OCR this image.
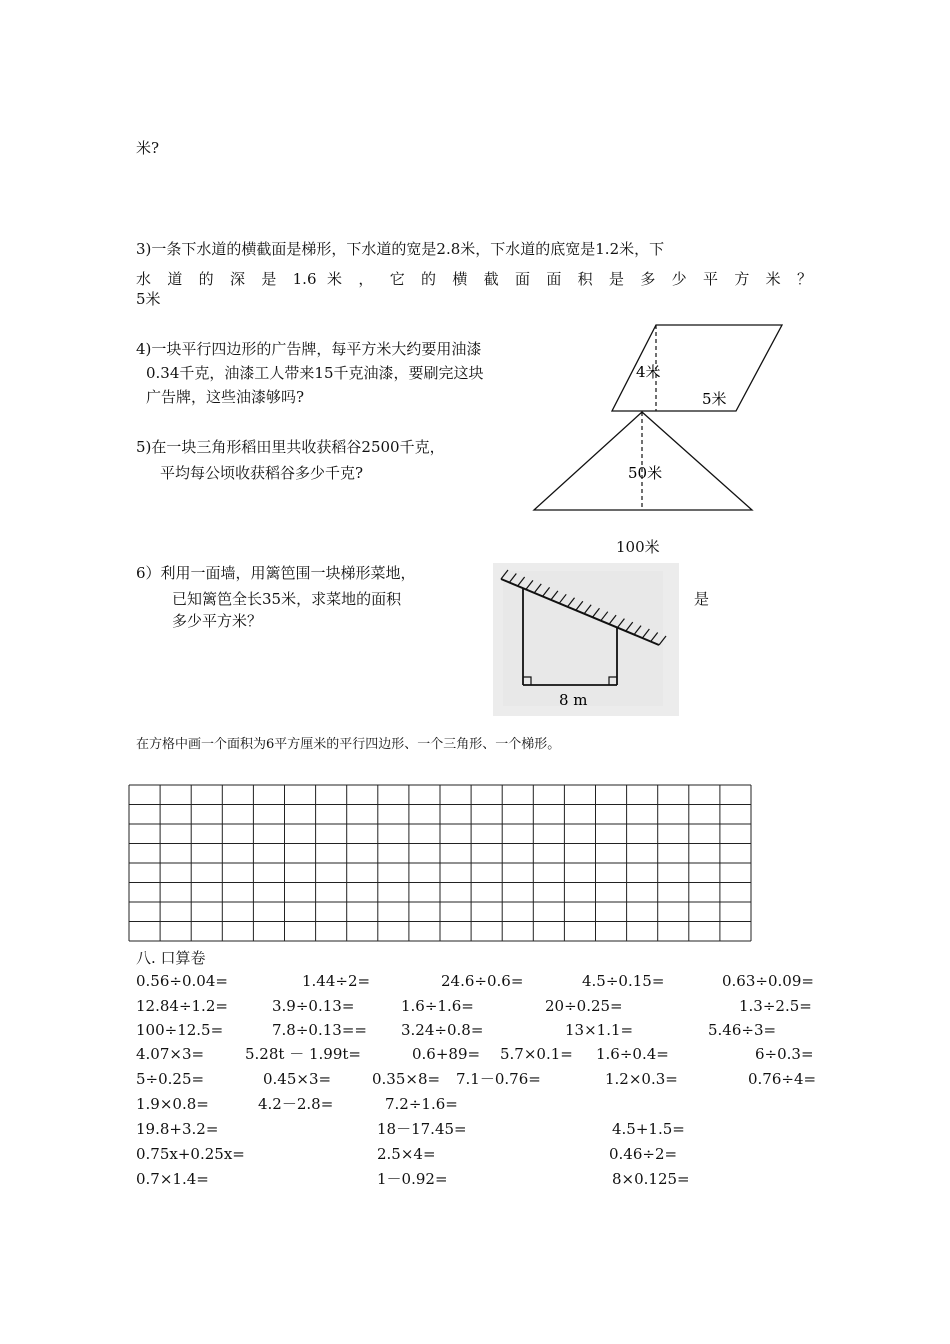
米?
3)一条下水道的横截面是梯形，下水道的宽是2.8米，下水道的底宽是1.2米，下
水 道 的 深 是 1.6 米 ， 它 的 横 截 面 面 积 是 多 少 平 方 米 ？
5米
4)一块平行四边形的广告牌，每平方米大约要用油漆
0.34千克，油漆工人带来15千克油漆，要刷完这块
广告牌，这些油漆够吗?
4米
5米
5)在一块三角形稻田里共收获稻谷2500千克，
平均每公顷收获稻谷多少千克?	50米
100米
6）利用一面墙，用篱笆围一块梯形菜地，
已知篱笆全长35米，求菜地的面积	是
多少平方米？
8 m
在方格中画一个面积为6平方厘米的平行四边形、一个三角形、一个梯形。
八. 口算卷
0.56÷0.04=	1.44÷2=	24.6÷0.6=	4.5÷0.15=	0.63÷0.09=
12.84÷1.2=	3.9÷0.13=	1.6÷1.6=	20÷0.25=	1.3÷2.5=
100÷12.5=	7.8÷0.13== 3.24÷0.8=	13×1.1=	5.46÷3=
4.07×3=	5.28t － 1.99t=	0.6+89= 5.7×0.1= 1.6÷0.4=	6÷0.3=
5÷0.25=	0.45×3=	0.35×8= 7.1－0.76=	1.2×0.3=	0.76÷4=
1.9×0.8=	4.2－2.8=	7.2÷1.6=
19.8+3.2=	18－17.45=	4.5+1.5=
0.75x+0.25x=	2.5×4=	0.46÷2=
0.7×1.4=	1－0.92=	8×0.125=
